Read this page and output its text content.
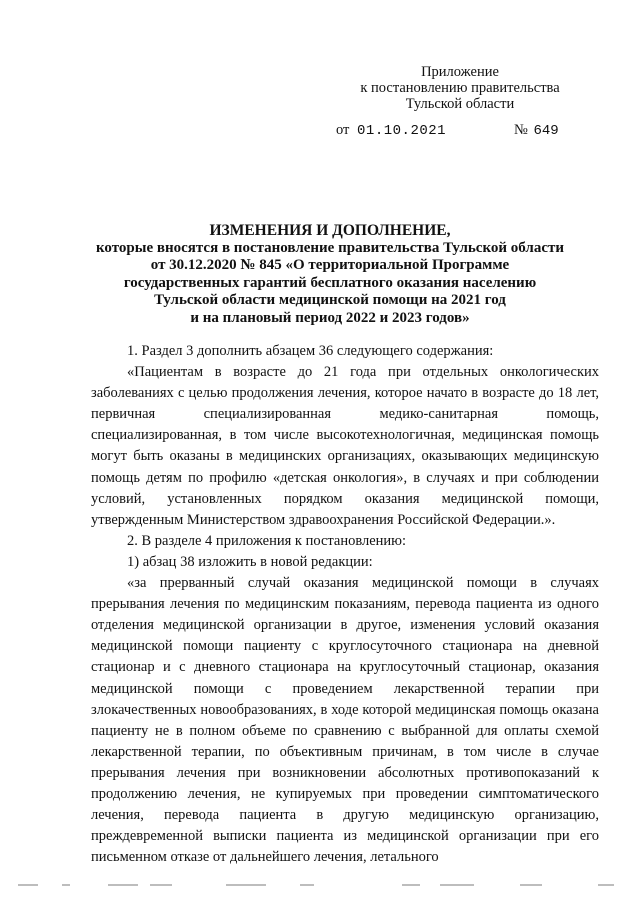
Приложение
к постановлению правительства
Тульской области
от 01.10.2021	№ 649
ИЗМЕНЕНИЯ И ДОПОЛНЕНИЕ,
которые вносятся в постановление правительства Тульской области
от 30.12.2020 № 845 «О территориальной Программе
государственных гарантий бесплатного оказания населению
Тульской области медицинской помощи на 2021 год
и на плановый период 2022 и 2023 годов»

1. Раздел 3 дополнить абзацем 36 следующего содержания:

«Пациентам в возрасте до 21 года при отдельных онкологических заболеваниях с целью продолжения лечения, которое начато в возрасте до 18 лет, первичная специализированная медико-санитарная помощь, специализированная, в том числе высокотехнологичная, медицинская помощь могут быть оказаны в медицинских организациях, оказывающих медицинскую помощь детям по профилю «детская онкология», в случаях и при соблюдении условий, установленных порядком оказания медицинской помощи, утвержденным Министерством здравоохранения Российской Федерации.».

2. В разделе 4 приложения к постановлению:

1) абзац 38 изложить в новой редакции:

«за прерванный случай оказания медицинской помощи в случаях прерывания лечения по медицинским показаниям, перевода пациента из одного отделения медицинской организации в другое, изменения условий оказания медицинской помощи пациенту с круглосуточного стационара на дневной стационар и с дневного стационара на круглосуточный стационар, оказания медицинской помощи с проведением лекарственной терапии при злокачественных новообразованиях, в ходе которой медицинская помощь оказана пациенту не в полном объеме по сравнению с выбранной для оплаты схемой лекарственной терапии, по объективным причинам, в том числе в случае прерывания лечения при возникновении абсолютных противопоказаний к продолжению лечения, не купируемых при проведении симптоматического лечения, перевода пациента в другую медицинскую организацию, преждевременной выписки пациента из медицинской организации при его письменном отказе от дальнейшего лечения, летального
